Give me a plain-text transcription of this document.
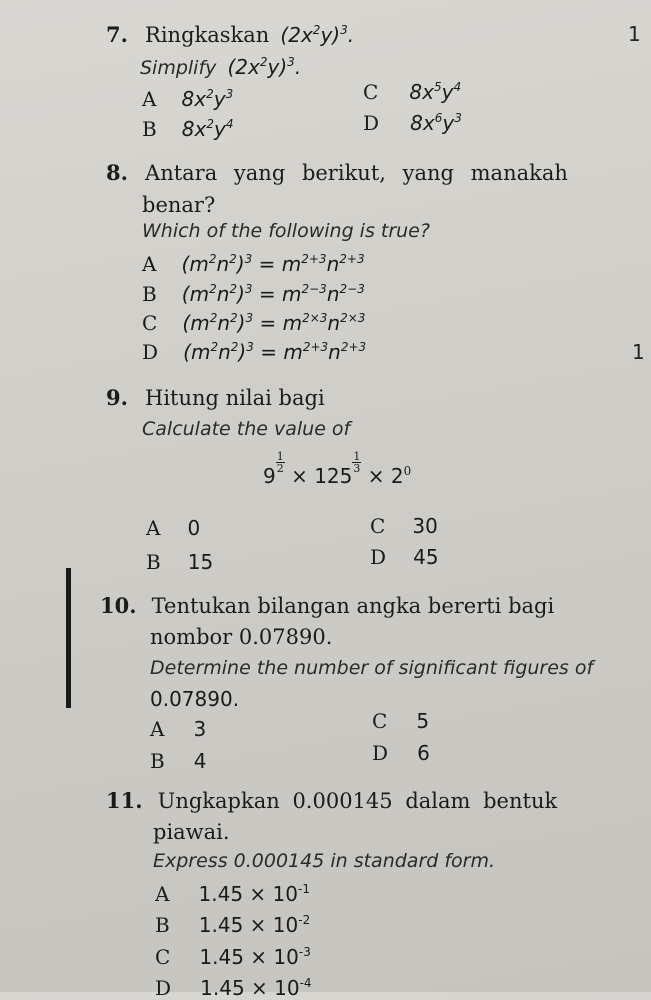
1
1
7. Ringkaskan $(2x^2y)^3$.
Simplify $(2x^2y)^3$.
A $8x^2y^3$	C $8x^5y^4$
B $8x^2y^4$	D $8x^6y^3$
8. Antara yang berikut, yang manakah
benar?
Which of the following is true?
A $(m^2n^2)^3 = m^{2+3}n^{2+3}$
B $(m^2n^2)^3 = m^{2-3}n^{2-3}$
C $(m^2n^2)^3 = m^{2\times 3}n^{2\times 3}$
D $(m^2n^2)^3 = m^{2+3}n^{2+3}$
9. Hitung nilai bagi
Calculate the value of
9
$\frac{1}{2}$
× 125
$\frac{1}{3}$
× $2^0$
A 0	C 30
B 15	D 45
10. Tentukan bilangan angka bererti bagi
nombor 0.07890.
Determine the number of significant figures of
0.07890.
A 3	C 5
B 4	D 6
11. Ungkapkan 0.000145 dalam bentuk
piawai.
Express 0.000145 in standard form.
A $1.45 \times 10^{-1}$
B $1.45 \times 10^{-2}$
C $1.45 \times 10^{-3}$
D $1.45 \times 10^{-4}$
